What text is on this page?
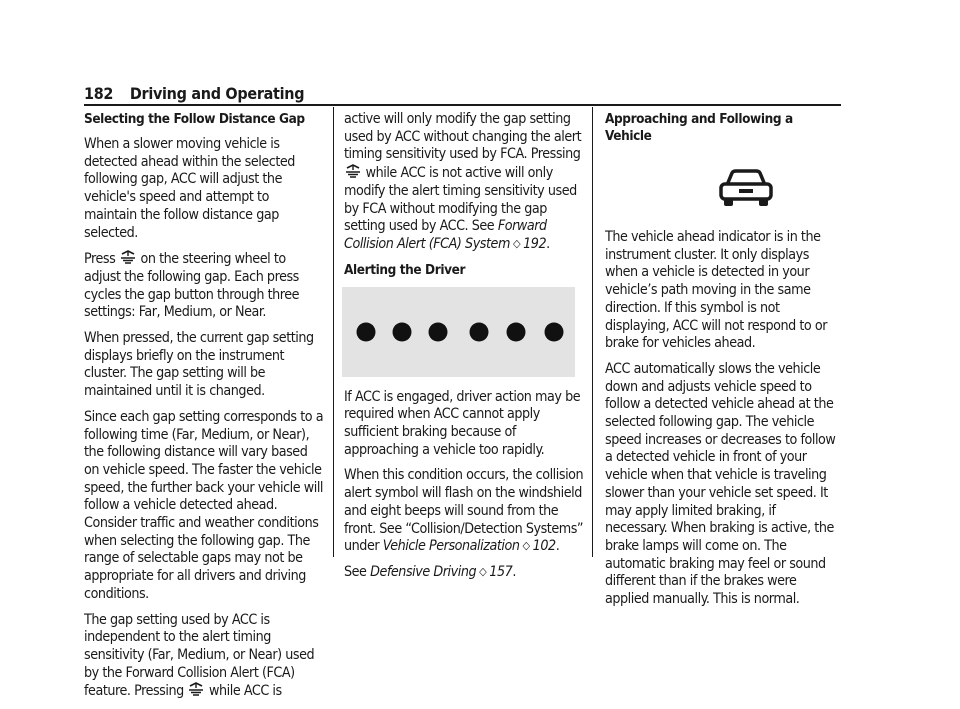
182 Driving and Operating
Selecting the Follow Distance Gap

When a slower moving vehicle is detected ahead within the selected following gap, ACC will adjust the vehicle's speed and attempt to maintain the follow distance gap selected.

Press on the steering wheel to adjust the following gap. Each press cycles the gap button through three settings: Far, Medium, or Near.

When pressed, the current gap setting displays briefly on the instrument cluster. The gap setting will be maintained until it is changed.

Since each gap setting corresponds to a following time (Far, Medium, or Near), the following distance will vary based on vehicle speed. The faster the vehicle speed, the further back your vehicle will follow a vehicle detected ahead. Consider traffic and weather conditions when selecting the following gap. The range of selectable gaps may not be appropriate for all drivers and driving conditions.

The gap setting used by ACC is independent to the alert timing sensitivity (Far, Medium, or Near) used by the Forward Collision Alert (FCA) feature. Pressing while ACC is

active will only modify the gap setting used by ACC without changing the alert timing sensitivity used by FCA. Pressing
while ACC is not active will only modify the alert timing sensitivity used by FCA without modifying the gap setting used by ACC. See Forward Collision Alert (FCA) System ◇ 192.

Alerting the Driver

If ACC is engaged, driver action may be required when ACC cannot apply sufficient braking because of approaching a vehicle too rapidly.

When this condition occurs, the collision alert symbol will flash on the windshield and eight beeps will sound from the front. See “Collision/Detection Systems” under Vehicle Personalization ◇ 102.

See Defensive Driving ◇ 157.

Approaching and Following a Vehicle

The vehicle ahead indicator is in the instrument cluster. It only displays when a vehicle is detected in your vehicle’s path moving in the same direction. If this symbol is not displaying, ACC will not respond to or brake for vehicles ahead.

ACC automatically slows the vehicle down and adjusts vehicle speed to follow a detected vehicle ahead at the selected following gap. The vehicle speed increases or decreases to follow a detected vehicle in front of your vehicle when that vehicle is traveling slower than your vehicle set speed. It may apply limited braking, if necessary. When braking is active, the brake lamps will come on. The automatic braking may feel or sound different than if the brakes were applied manually. This is normal.
